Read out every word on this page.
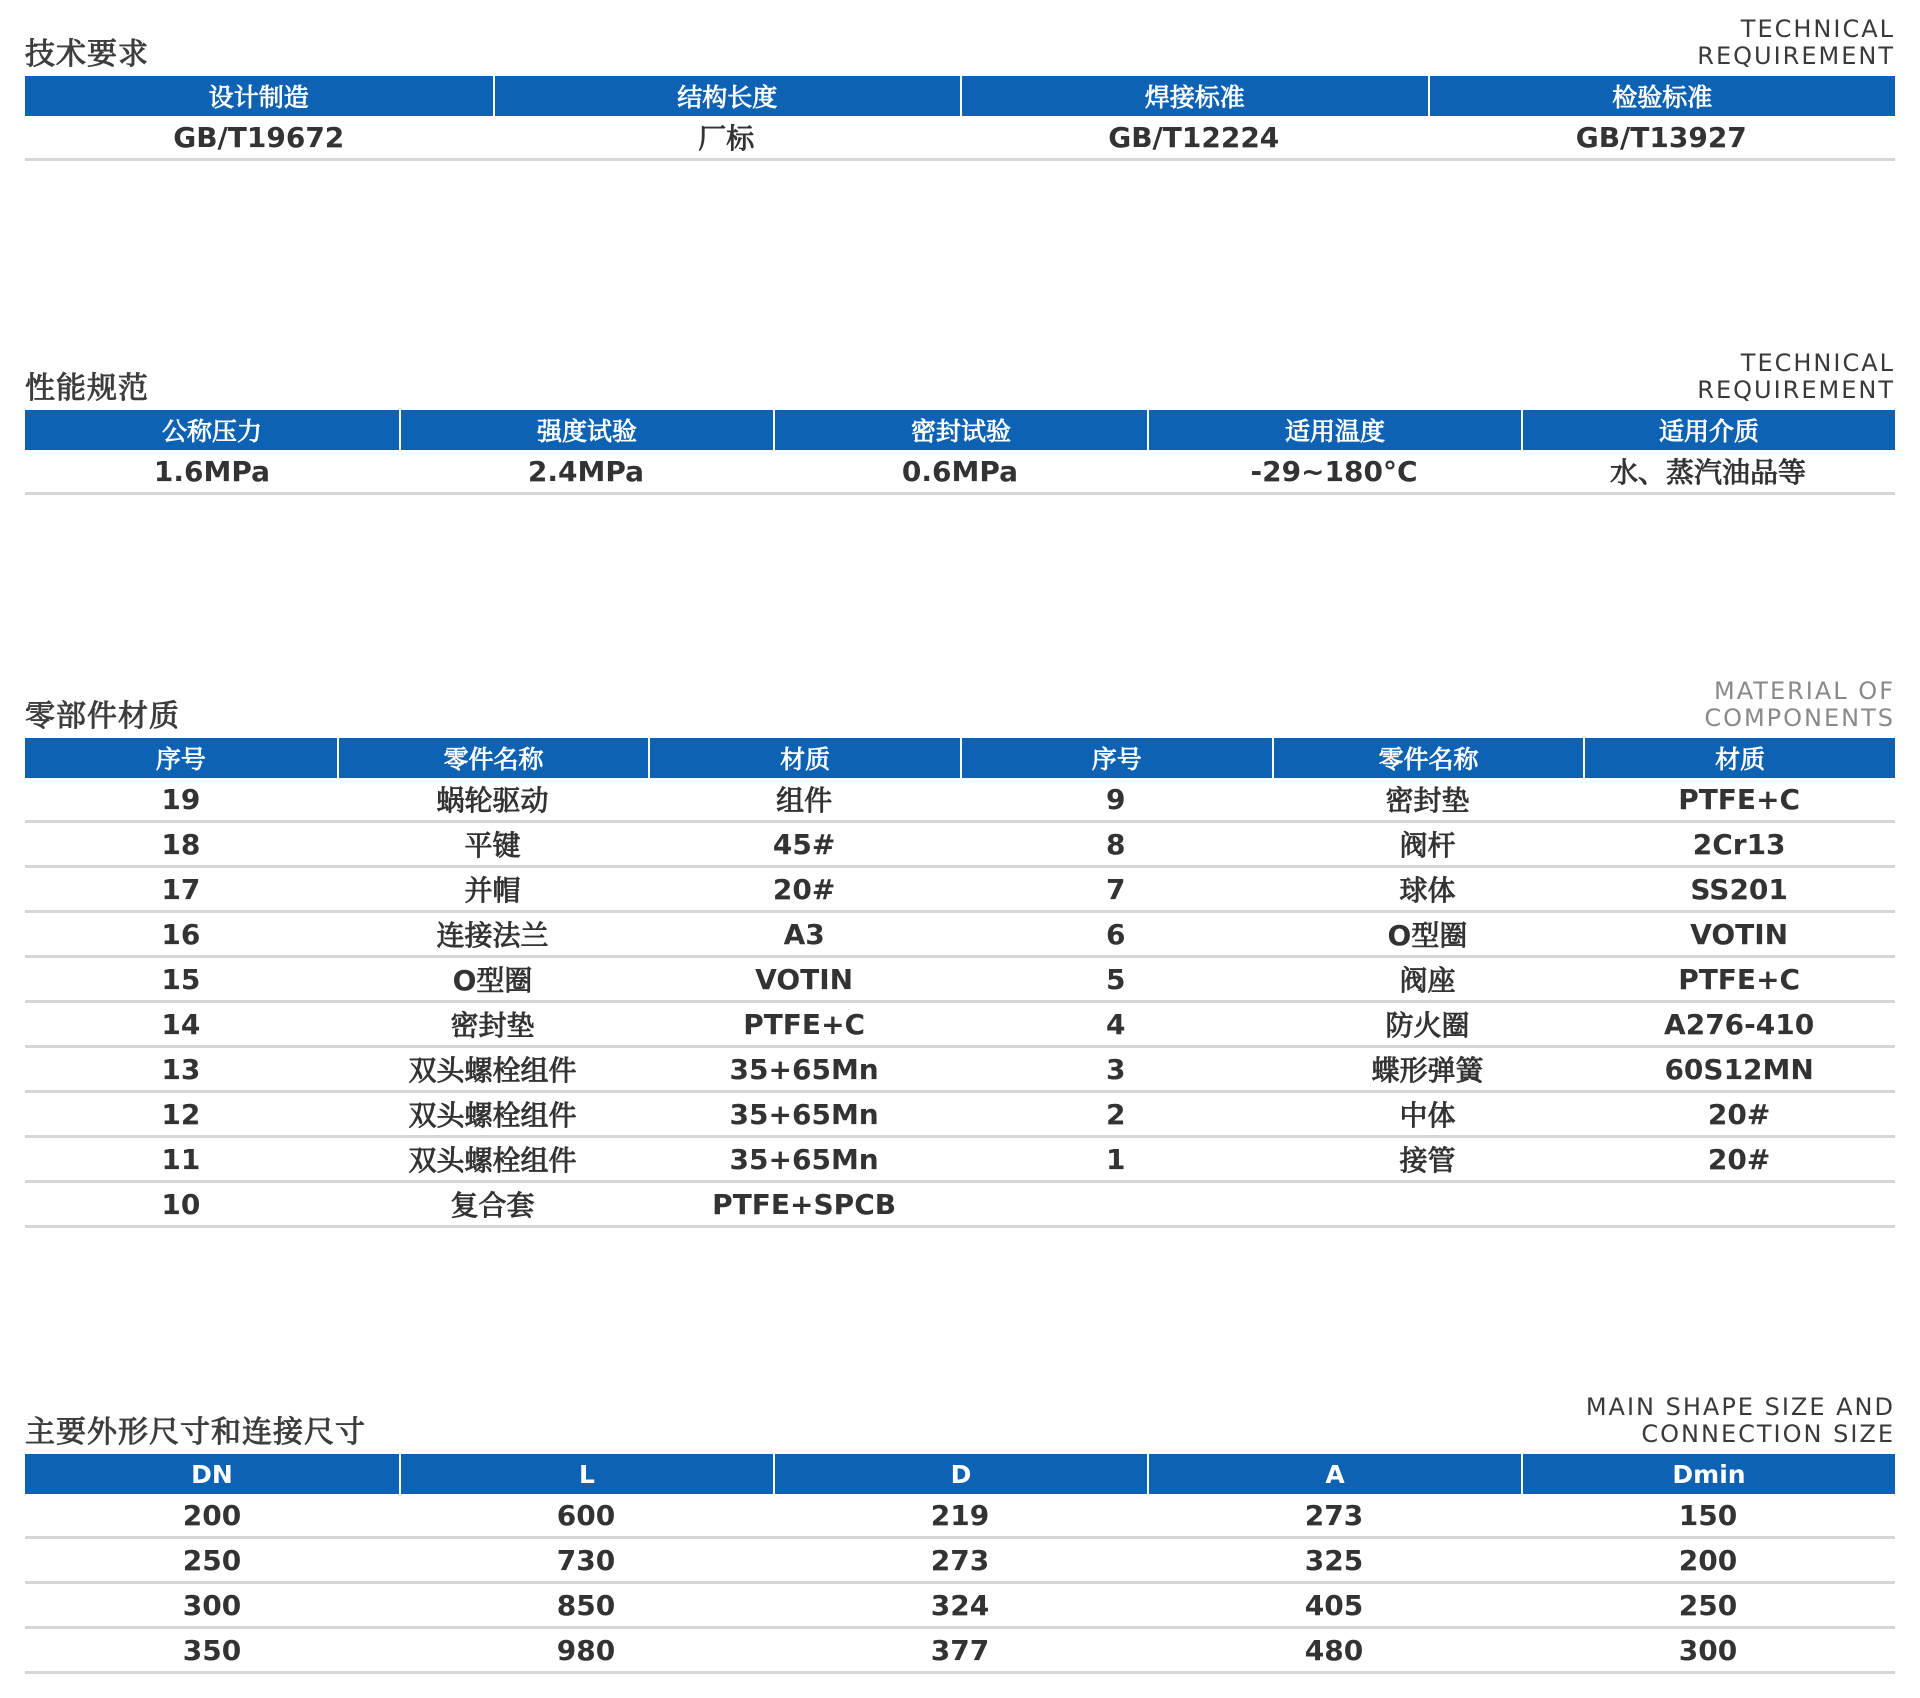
技术要求
TECHNICAL
REQUIREMENT
设计制造	结构长度	焊接标准	检验标准
GB/T19672	厂标	GB/T12224	GB/T13927
性能规范
TECHNICAL
REQUIREMENT
公称压力	强度试验	密封试验	适用温度	适用介质
1.6MPa	2.4MPa	0.6MPa	-29~180°C	水、蒸汽油品等
零部件材质
MATERIAL OF
COMPONENTS
序号	零件名称	材质	序号	零件名称	材质
19	蜗轮驱动	组件	9	密封垫	PTFE+C
18	平键	45#	8	阀杆	2Cr13
17	并帽	20#	7	球体	SS201
16	连接法兰	A3	6	O型圈	VOTIN
15	O型圈	VOTIN	5	阀座	PTFE+C
14	密封垫	PTFE+C	4	防火圈	A276-410
13	双头螺栓组件	35+65Mn	3	蝶形弹簧	60S12MN
12	双头螺栓组件	35+65Mn	2	中体	20#
11	双头螺栓组件	35+65Mn	1	接管	20#
10	复合套	PTFE+SPCB			
主要外形尺寸和连接尺寸
MAIN SHAPE SIZE AND
CONNECTION SIZE
DN	L	D	A	Dmin
200	600	219	273	150
250	730	273	325	200
300	850	324	405	250
350	980	377	480	300
